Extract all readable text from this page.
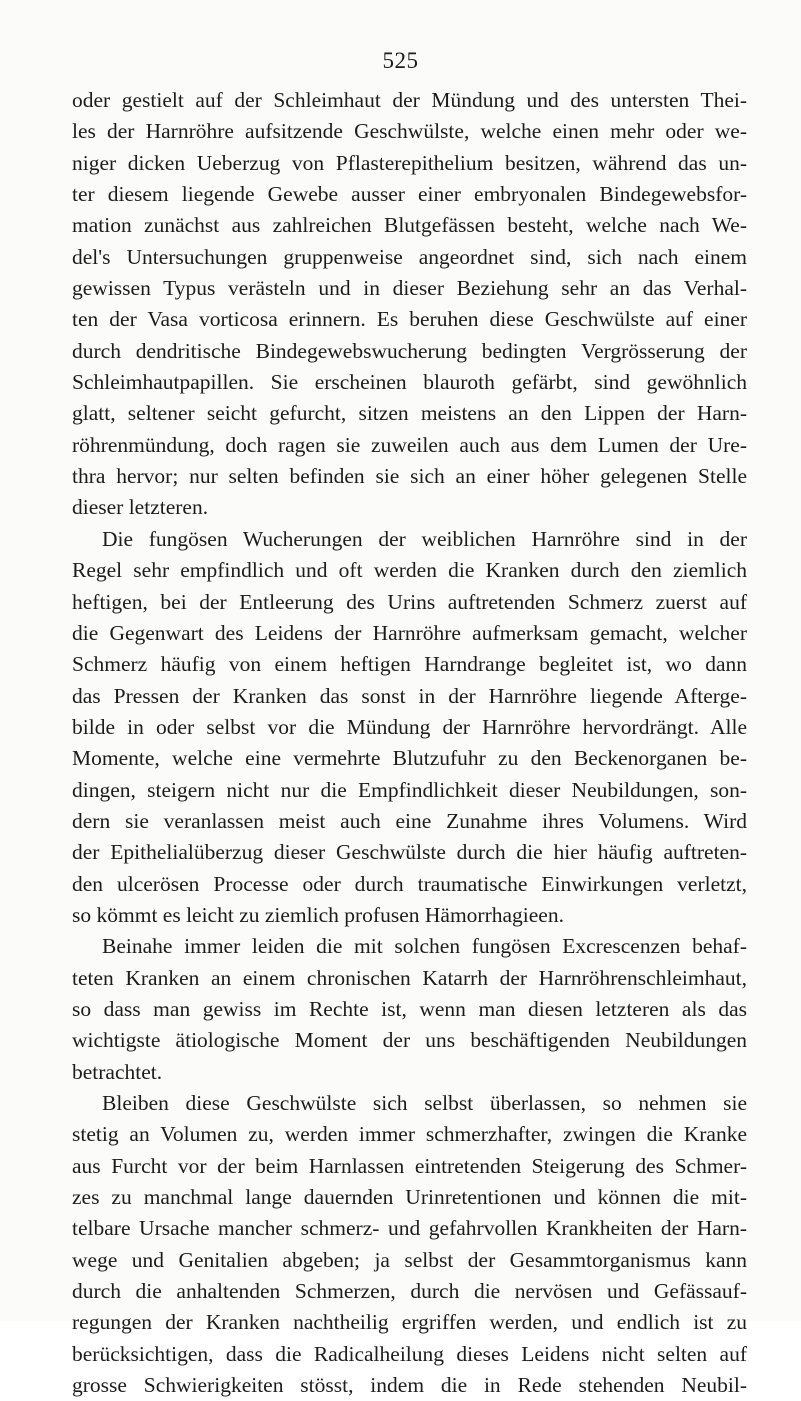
525
oder gestielt auf der Schleimhaut der Mündung und des untersten Thei-
les der Harnröhre aufsitzende Geschwülste, welche einen mehr oder we-
niger dicken Ueberzug von Pflasterepithelium besitzen, während das un-
ter diesem liegende Gewebe ausser einer embryonalen Bindegewebsfor-
mation zunächst aus zahlreichen Blutgefässen besteht, welche nach We-
del's Untersuchungen gruppenweise angeordnet sind, sich nach einem
gewissen Typus verästeln und in dieser Beziehung sehr an das Verhal-
ten der Vasa vorticosa erinnern. Es beruhen diese Geschwülste auf einer
durch dendritische Bindegewebswucherung bedingten Vergrösserung der
Schleimhautpapillen. Sie erscheinen blauroth gefärbt, sind gewöhnlich
glatt, seltener seicht gefurcht, sitzen meistens an den Lippen der Harn-
röhrenmündung, doch ragen sie zuweilen auch aus dem Lumen der Ure-
thra hervor; nur selten befinden sie sich an einer höher gelegenen Stelle
dieser letzteren.
Die fungösen Wucherungen der weiblichen Harnröhre sind in der
Regel sehr empfindlich und oft werden die Kranken durch den ziemlich
heftigen, bei der Entleerung des Urins auftretenden Schmerz zuerst auf
die Gegenwart des Leidens der Harnröhre aufmerksam gemacht, welcher
Schmerz häufig von einem heftigen Harndrange begleitet ist, wo dann
das Pressen der Kranken das sonst in der Harnröhre liegende Afterge-
bilde in oder selbst vor die Mündung der Harnröhre hervordrängt. Alle
Momente, welche eine vermehrte Blutzufuhr zu den Beckenorganen be-
dingen, steigern nicht nur die Empfindlichkeit dieser Neubildungen, son-
dern sie veranlassen meist auch eine Zunahme ihres Volumens. Wird
der Epithelialüberzug dieser Geschwülste durch die hier häufig auftreten-
den ulcerösen Processe oder durch traumatische Einwirkungen verletzt,
so kömmt es leicht zu ziemlich profusen Hämorrhagieen.
Beinahe immer leiden die mit solchen fungösen Excrescenzen behaf-
teten Kranken an einem chronischen Katarrh der Harnröhrenschleimhaut,
so dass man gewiss im Rechte ist, wenn man diesen letzteren als das
wichtigste ätiologische Moment der uns beschäftigenden Neubildungen
betrachtet.
Bleiben diese Geschwülste sich selbst überlassen, so nehmen sie
stetig an Volumen zu, werden immer schmerzhafter, zwingen die Kranke
aus Furcht vor der beim Harnlassen eintretenden Steigerung des Schmer-
zes zu manchmal lange dauernden Urinretentionen und können die mit-
telbare Ursache mancher schmerz- und gefahrvollen Krankheiten der Harn-
wege und Genitalien abgeben; ja selbst der Gesammtorganismus kann
durch die anhaltenden Schmerzen, durch die nervösen und Gefässauf-
regungen der Kranken nachtheilig ergriffen werden, und endlich ist zu
berücksichtigen, dass die Radicalheilung dieses Leidens nicht selten auf
grosse Schwierigkeiten stösst, indem die in Rede stehenden Neubil-
